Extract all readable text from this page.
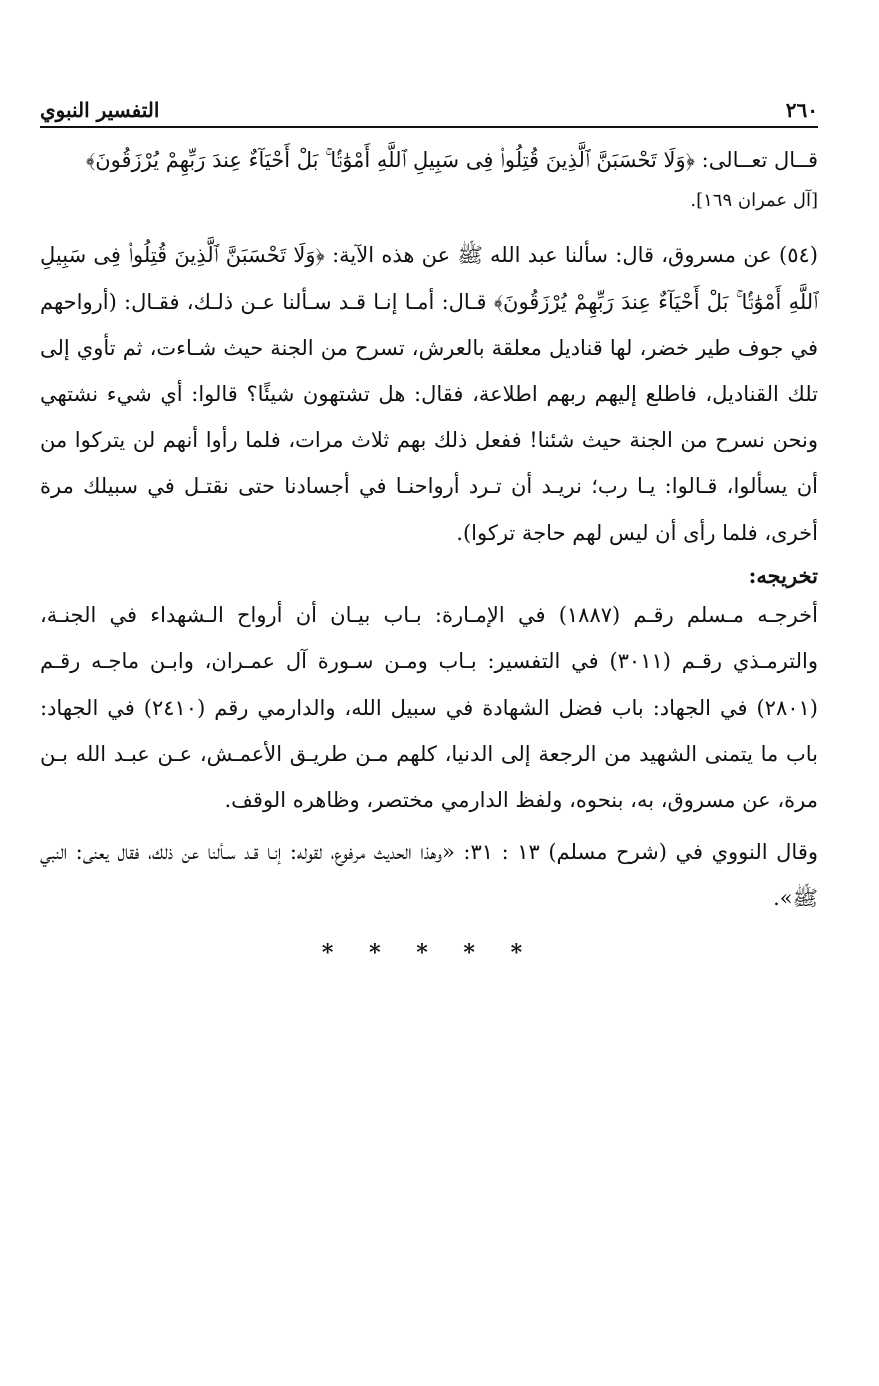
٢٦٠
التفسير النبوي

قــال تعــالى: ﴿وَلَا تَحْسَبَنَّ ٱلَّذِينَ قُتِلُوا۟ فِى سَبِيلِ ٱللَّهِ أَمْوَٰتًۢا ۚ بَلْ أَحْيَآءٌ عِندَ رَبِّهِمْ يُرْزَقُونَ﴾

[آل عمران ١٦٩].

(٥٤) عن مسروق، قال: سألنا عبد الله ﷺ عن هذه الآية: ﴿وَلَا تَحْسَبَنَّ ٱلَّذِينَ قُتِلُوا۟ فِى سَبِيلِ ٱللَّهِ أَمْوَٰتًۢا ۚ بَلْ أَحْيَآءٌ عِندَ رَبِّهِمْ يُرْزَقُونَ﴾ قـال: أمـا إنـا قـد سـألنا عـن ذلـك، فقـال: (أرواحهم في جوف طير خضر، لها قناديل معلقة بالعرش، تسرح من الجنة حيث شـاءت، ثم تأوي إلى تلك القناديل، فاطلع إليهم ربهم اطلاعة، فقال: هل تشتهون شيئًا؟ قالوا: أي شيء نشتهي ونحن نسرح من الجنة حيث شئنا! ففعل ذلك بهم ثلاث مرات، فلما رأوا أنهم لن يتركوا من أن يسألوا، قـالوا: يـا رب؛ نريـد أن تـرد أرواحنـا في أجسادنا حتى نقتـل في سبيلك مرة أخرى، فلما رأى أن ليس لهم حاجة تركوا).

تخريجه:

أخرجـه مـسلم رقـم (١٨٨٧) في الإمـارة: بـاب بيـان أن أرواح الـشهداء في الجنـة، والترمـذي رقـم (٣٠١١) في التفسير: بـاب ومـن سـورة آل عمـران، وابـن ماجـه رقـم (٢٨٠١) في الجهاد: باب فضل الشهادة في سبيل الله، والدارمي رقم (٢٤١٠) في الجهاد: باب ما يتمنى الشهيد من الرجعة إلى الدنيا، كلهم مـن طريـق الأعمـش، عـن عبـد الله بـن مرة، عن مسروق، به، بنحوه، ولفظ الدارمي مختصر، وظاهره الوقف.

وقال النووي في (شرح مسلم) ١٣ : ٣١: «وهذا الحديث مرفوع، لقوله: إنـا قـد سـألنا عن ذلك، فقال يعنى: النبي ﷺ».

* * * * *
